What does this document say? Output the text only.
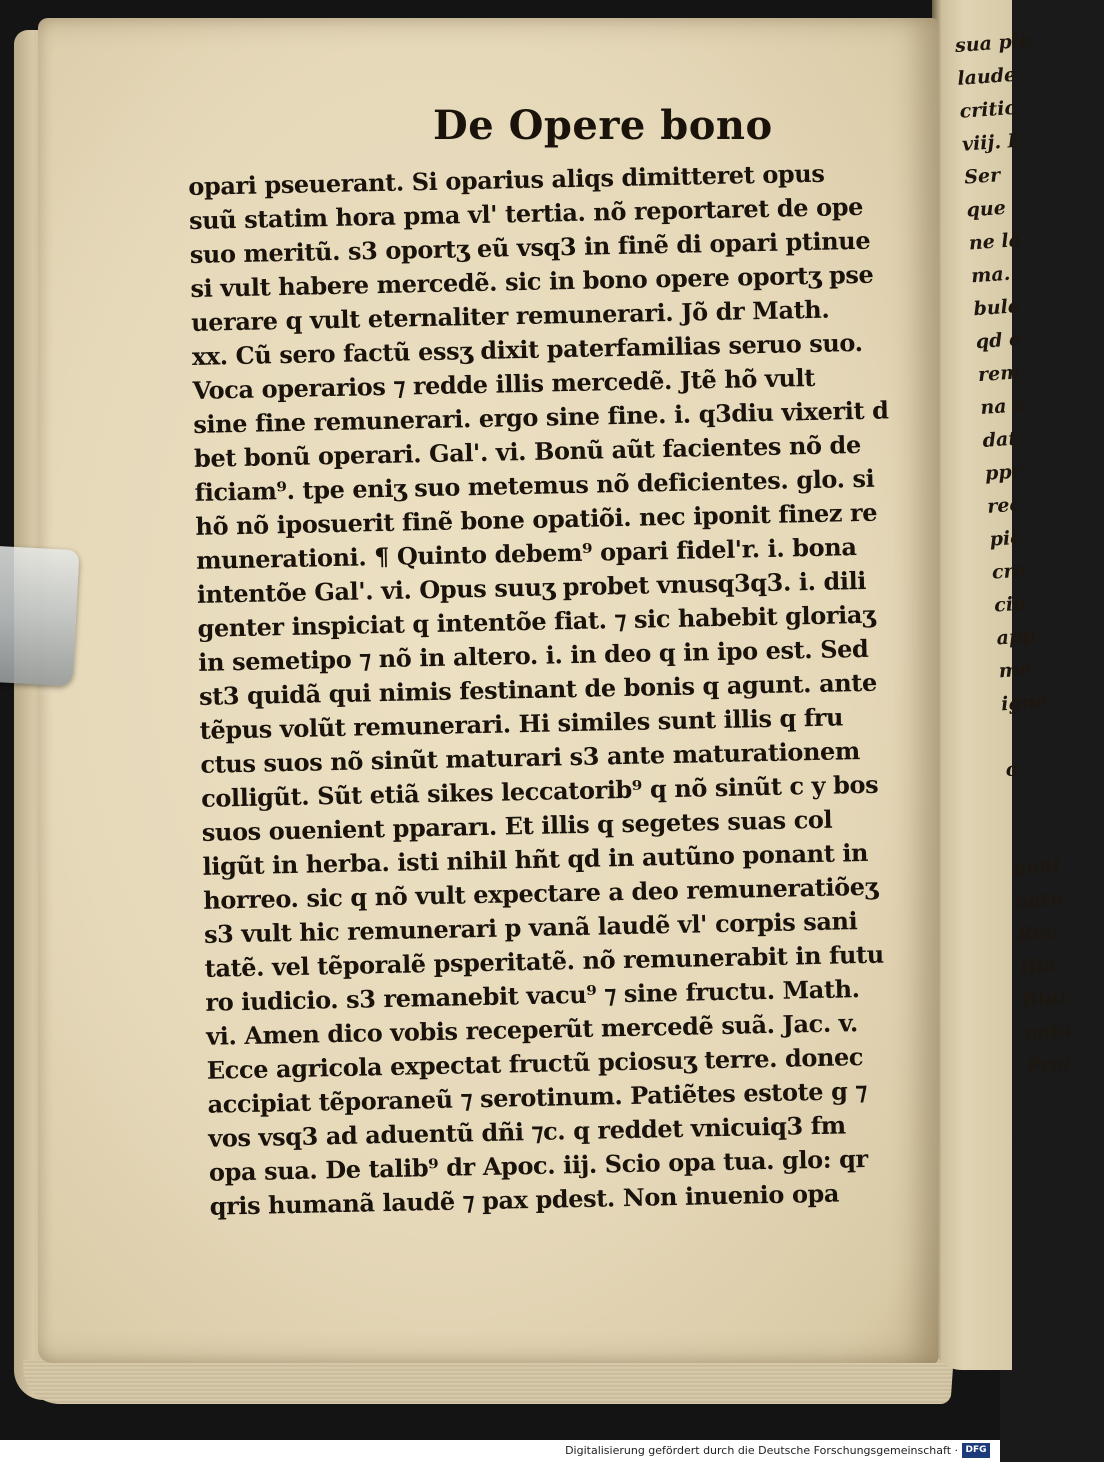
sua ple
laude
critic
viij. E
Ser
que
ne la
ma.
bule
qd e
rem
na e
dat
ppr
rec
pic
cre
cio
app
me
igne
o
ueni
natu
Rec
Bla
Blur
nata
Prol
De Opere bono
opari pseuerant. Si oparius aliqs dimitteret opus
suũ statim hora pma vl' tertia. nõ reportaret de ope
suo meritũ. s3 oportʒ eũ vsq3 in finẽ di opari ptinue
si vult habere mercedẽ. sic in bono opere oportʒ pse
uerare q vult eternaliter remunerari. Jõ dr Math.
xx. Cũ sero factũ essʒ dixit paterfamilias seruo suo.
Voca operarios ⁊ redde illis mercedẽ. Jtẽ hõ vult
sine fine remunerari. ergo sine fine. i. q3diu vixerit d
bet bonũ operari. Gal'. vi. Bonũ aũt facientes nõ de
ficiam⁹. tpe eniʒ suo metemus nõ deficientes. glo. si
hõ nõ iposuerit finẽ bone opatiõi. nec iponit finez re
munerationi. ¶ Quinto debem⁹ opari fidel'r. i. bona
intentõe Gal'. vi. Opus suuʒ probet vnusq3q3. i. dili
genter inspiciat q intentõe fiat. ⁊ sic habebit gloriaʒ
in semetipo ⁊ nõ in altero. i. in deo q in ipo est. Sed
st3 quidã qui nimis festinant de bonis q agunt. ante
tẽpus volũt remunerari. Hi similes sunt illis q fru
ctus suos nõ sinũt maturari s3 ante maturationem
colligũt. Sũt etiã sikes leccatorib⁹ q nõ sinũt c y bos
suos ouenient ppararı. Et illis q segetes suas col
ligũt in herba. isti nihil hñt qd in autũno ponant in
horreo. sic q nõ vult expectare a deo remuneratiõeʒ
s3 vult hic remunerari p vanã laudẽ vl' corpis sani
tatẽ. vel tẽporalẽ psperitatẽ. nõ remunerabit in futu
ro iudicio. s3 remanebit vacu⁹ ⁊ sine fructu. Math.
vi. Amen dico vobis receperũt mercedẽ suã. Jac. v.
Ecce agricola expectat fructũ pciosuʒ terre. donec
accipiat tẽporaneũ ⁊ serotinum. Patiẽtes estote g ⁊
vos vsq3 ad aduentũ dñi ⁊c. q reddet vnicuiq3 fm
opa sua. De talib⁹ dr Apoc. iij. Scio opa tua. glo: qr
qris humanã laudẽ ⁊ pax pdest. Non inuenio opa
Digitalisierung gefördert durch die Deutsche Forschungsgemeinschaft · DFG
